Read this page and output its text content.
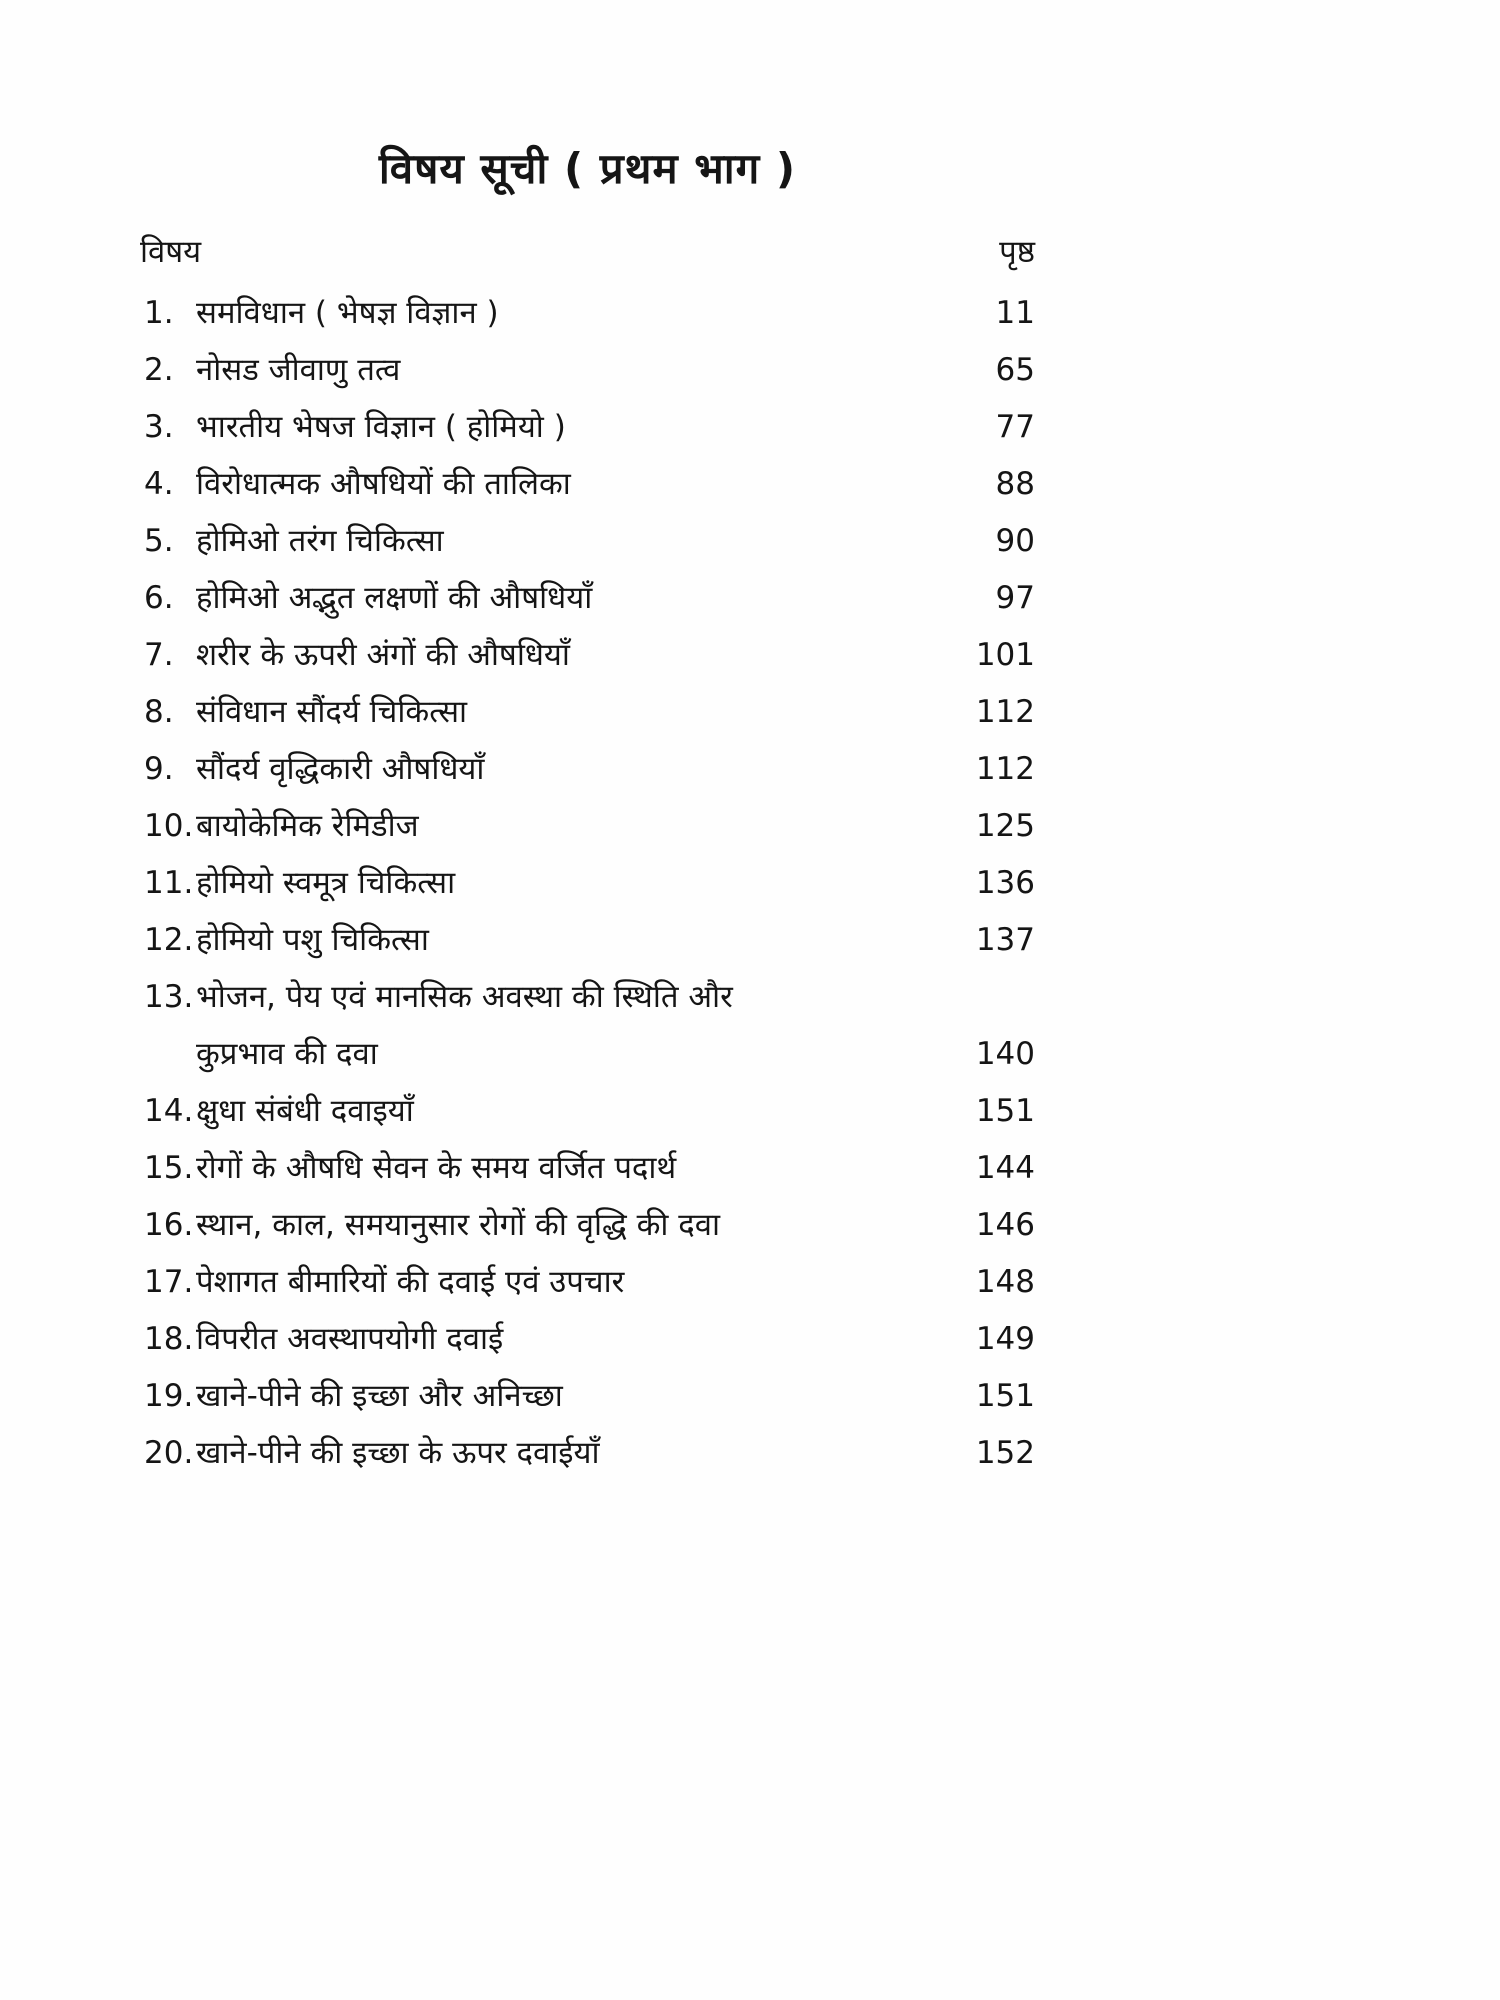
विषय सूची ( प्रथम भाग )
विषय	पृष्ठ
1. समविधान ( भेषज्ञ विज्ञान )	11
2. नोसड जीवाणु तत्व	65
3. भारतीय भेषज विज्ञान ( होमियो )	77
4. विरोधात्मक औषधियों की तालिका	88
5. होमिओ तरंग चिकित्सा	90
6. होमिओ अद्भुत लक्षणों की औषधियाँ	97
7. शरीर के ऊपरी अंगों की औषधियाँ	101
8. संविधान सौंदर्य चिकित्सा	112
9. सौंदर्य वृद्धिकारी औषधियाँ	112
10. बायोकेमिक रेमिडीज	125
11. होमियो स्वमूत्र चिकित्सा	136
12. होमियो पशु चिकित्सा	137
13. भोजन, पेय एवं मानसिक अवस्था की स्थिति और
कुप्रभाव की दवा	140
14. क्षुधा संबंधी दवाइयाँ	151
15. रोगों के औषधि सेवन के समय वर्जित पदार्थ	144
16. स्थान, काल, समयानुसार रोगों की वृद्धि की दवा	146
17. पेशागत बीमारियों की दवाई एवं उपचार	148
18. विपरीत अवस्थापयोगी दवाई	149
19. खाने-पीने की इच्छा और अनिच्छा	151
20. खाने-पीने की इच्छा के ऊपर दवाईयाँ	152
